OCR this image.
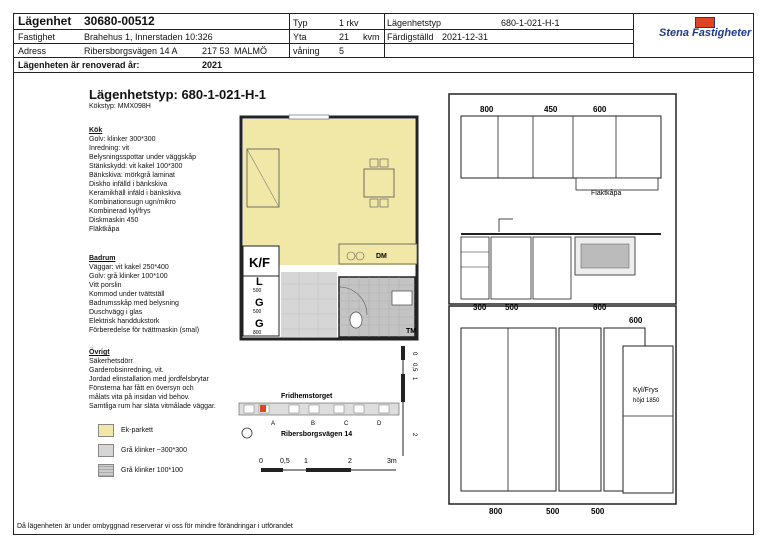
Lägenhet 30680-00512
Fastighet	Brahehus 1, Innerstaden 10:326
Adress	Ribersborgsvägen 14 A	217 53 MALMÖ
Lägenheten är renoverad år:	2021
Typ	1 rkv
Yta	21 kvm
våning 5
Lägenhetstyp	680-1-021-H-1
Färdigställd 2021-12-31	Stena Fastigheter
Lägenhetstyp: 680-1-021-H-1
Kökstyp: MMX098H
Kök
Golv: klinker 300*300
Inredning: vit
Belysningsspottar under väggskåp
Stänkskydd: vit kakel 100*300
Bänkskiva: mörkgrå laminat
Diskho infälld i bänkskiva
Keramikhäll infäld i bänkskiva
Kombinationsugn ugn/mikro
Kombinerad kyl/frys
Diskmaskin 450
Fläktkåpa
Badrum
Väggar: vit kakel 250*400
Golv: grå klinker 100*100
Vitt porslin
Kommod under tvättställ
Badrumsskåp med belysning
Duschvägg i glas
Elektrisk handdukstork
Förberedelse för tvättmaskin (smal)
Övrigt
Säkerhetsdörr
Garderobsinredning, vit.
Jordad elinstallation med jordfelsbrytar
Fönsterna har fått en översyn och
målats vita på insidan vid behov.
Samtliga rum har släta vitmålade väggar.
Ek-parkett
Grå klinker ~300*300
Grå klinker 100*100
DM
K/F
L
500
G
500
G
800	TM
0
0,5
1
2
Fridhemstorget
A	B	C	D
Ribersborgsvägen 14
0 0,5 1	2	3m
800	450	600
Fläktkåpa
300 500	600
600
Kyl/Frys
höjd 1850
800	500	500
Då lägenheten är under ombyggnad reserverar vi oss för mindre förändringar i utförandet
